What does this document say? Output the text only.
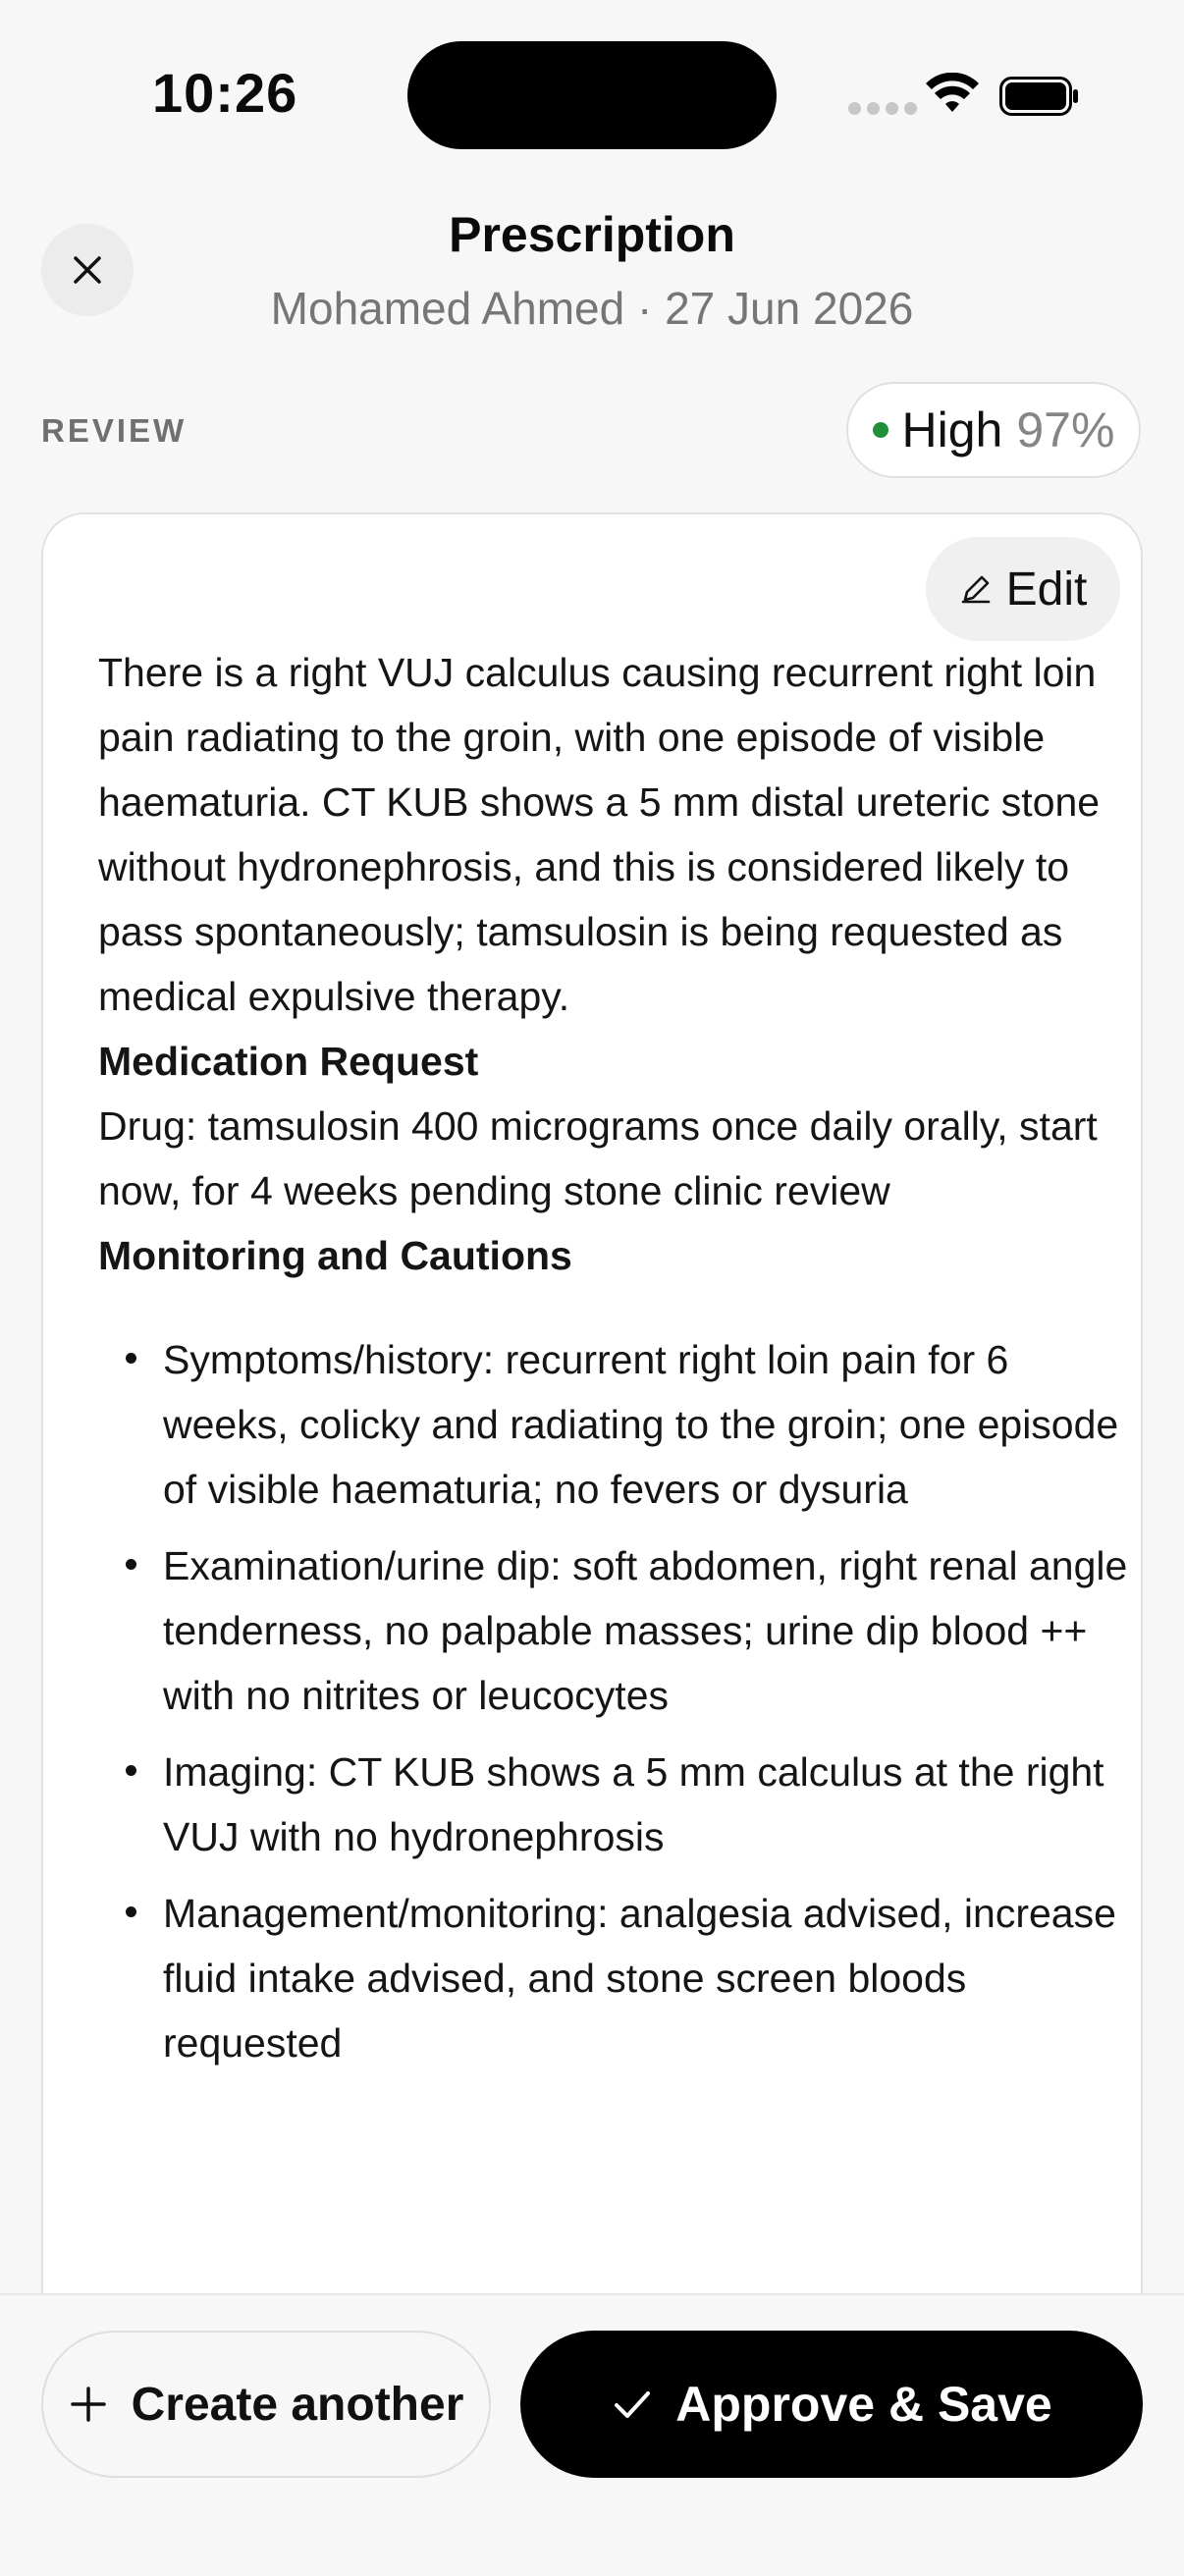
10:26
Prescription
Mohamed Ahmed · 27 Jun 2026
REVIEW	High 97%
Edit

There is a right VUJ calculus causing recurrent right loin pain radiating to the groin, with one episode of visible haematuria. CT KUB shows a 5 mm distal ureteric stone without hydronephrosis, and this is considered likely to pass spontaneously; tamsulosin is being requested as medical expulsive therapy.

Medication Request

Drug: tamsulosin 400 micrograms once daily orally, start now, for 4 weeks pending stone clinic review

Monitoring and Cautions

Symptoms/history: recurrent right loin pain for 6 weeks, colicky and radiating to the groin; one episode of visible haematuria; no fevers or dysuria
Examination/urine dip: soft abdomen, right renal angle tenderness, no palpable masses; urine dip blood ++ with no nitrites or leucocytes
Imaging: CT KUB shows a 5 mm calculus at the right VUJ with no hydronephrosis
Management/monitoring: analgesia advised, increase fluid intake advised, and stone screen bloods requested
Create another	Approve & Save
